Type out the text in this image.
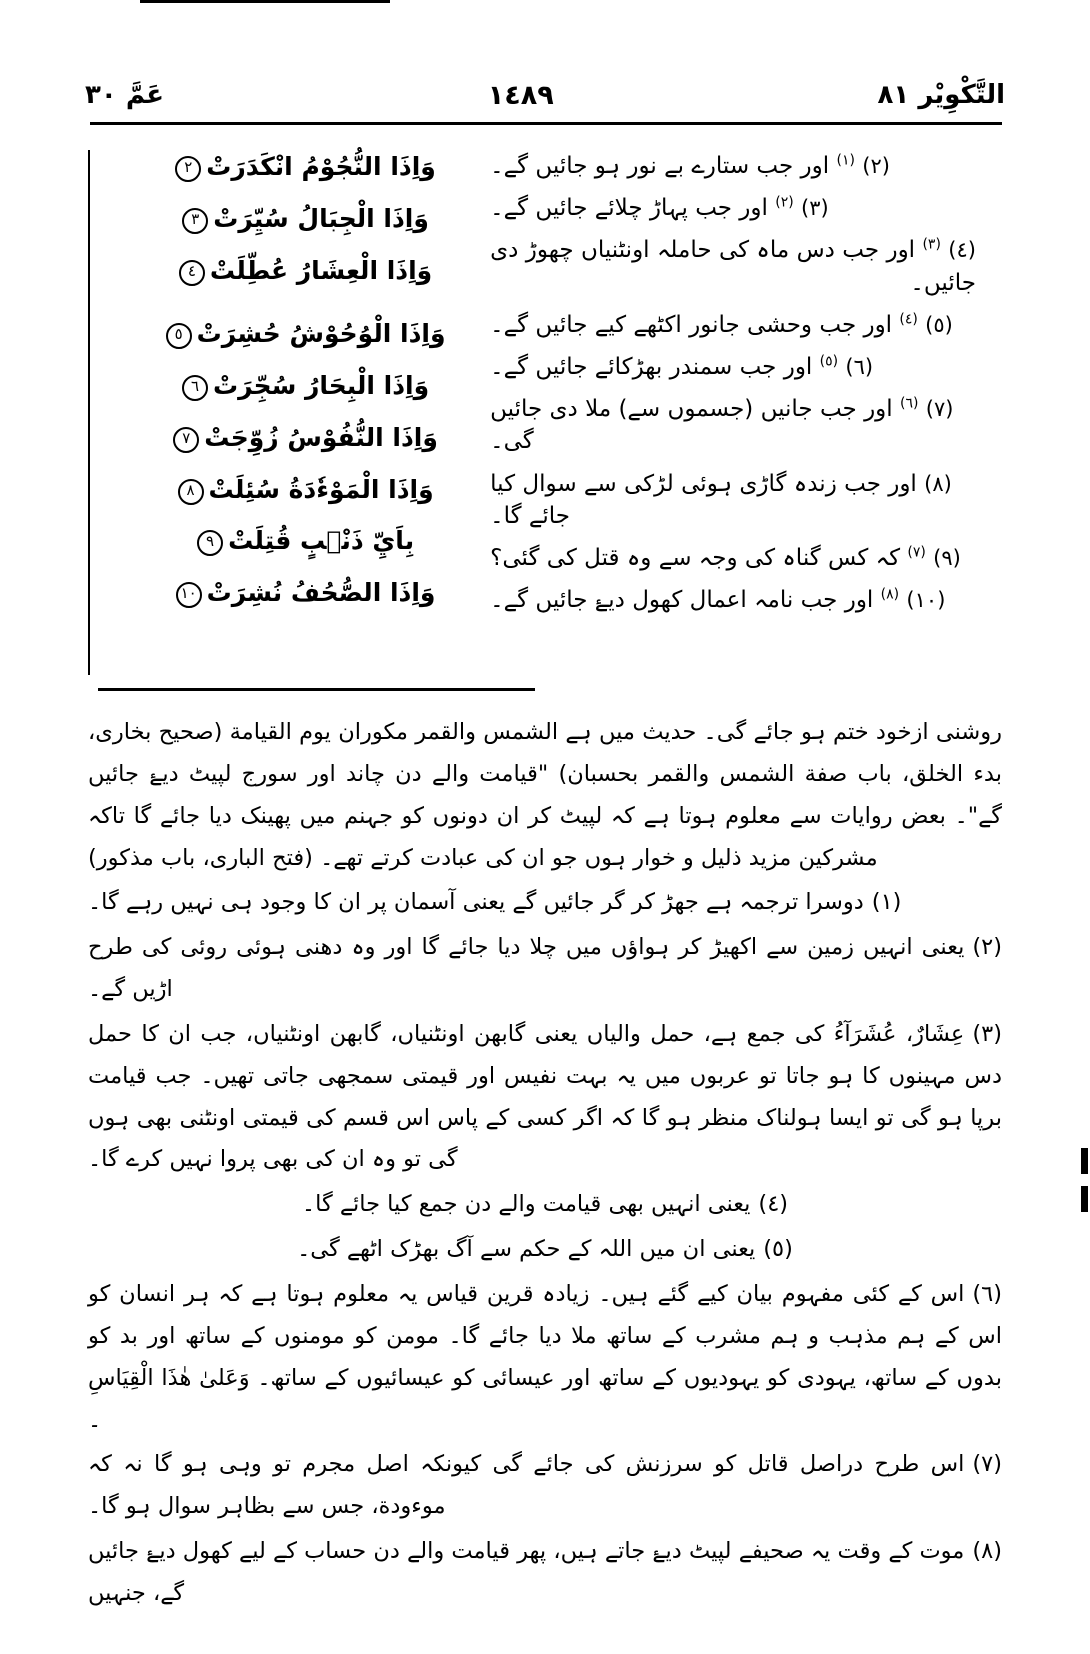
التَّكْوِيْر ٨١
١٤٨٩
عَمَّ ٣٠
وَاِذَا النُّجُوْمُ انْكَدَرَتْ٢
وَاِذَا الْجِبَالُ سُيِّرَتْ٣
وَاِذَا الْعِشَارُ عُطِّلَتْ٤
وَاِذَا الْوُحُوْشُ حُشِرَتْ٥
وَاِذَا الْبِحَارُ سُجِّرَتْ٦
وَاِذَا النُّفُوْسُ زُوِّجَتْ٧
وَاِذَا الْمَوْءٗدَةُ سُئِلَتْ٨
بِاَيِّ ذَنْۢبٍ قُتِلَتْ٩
وَاِذَا الصُّحُفُ نُشِرَتْ١٠
(٢) $^{(١)}$ اور جب ستارے بے نور ہو جائیں گے۔
(٣) $^{(٢)}$ اور جب پہاڑ چلائے جائیں گے۔
(٤) $^{(٣)}$ اور جب دس ماہ کی حاملہ اونٹنیاں چھوڑ دی جائیں۔
(٥) $^{(٤)}$ اور جب وحشی جانور اکٹھے کیے جائیں گے۔
(٦) $^{(٥)}$ اور جب سمندر بھڑکائے جائیں گے۔
(٧) $^{(٦)}$ اور جب جانیں (جسموں سے) ملا دی جائیں گی۔
(٨) اور جب زندہ گاڑی ہوئی لڑکی سے سوال کیا جائے گا۔
(٩) $^{(٧)}$ کہ کس گناہ کی وجہ سے وہ قتل کی گئی؟
(١٠) $^{(٨)}$ اور جب نامہ اعمال کھول دیۓ جائیں گے۔

روشنی ازخود ختم ہو جائے گی۔ حدیث میں ہے الشمس والقمر مکوران یوم القیامة (صحیح بخاری، بدء الخلق، باب صفة الشمس والقمر بحسبان) "قیامت والے دن چاند اور سورج لپیٹ دیۓ جائیں گے"۔ بعض روایات سے معلوم ہوتا ہے کہ لپیٹ کر ان دونوں کو جہنم میں پھینک دیا جائے گا تاکہ مشرکین مزید ذلیل و خوار ہوں جو ان کی عبادت کرتے تھے۔ (فتح الباری، باب مذکور)

(١)دوسرا ترجمہ ہے جھڑ کر گر جائیں گے یعنی آسمان پر ان کا وجود ہی نہیں رہے گا۔

(٢)یعنی انہیں زمین سے اکھیڑ کر ہواؤں میں چلا دیا جائے گا اور وہ دھنی ہوئی روئی کی طرح اڑیں گے۔

(٣)عِشَارٌ، عُشَرَآءُ کی جمع ہے، حمل والیاں یعنی گابھن اونٹنیاں، گابھن اونٹنیاں، جب ان کا حمل دس مہینوں کا ہو جاتا تو عربوں میں یہ بہت نفیس اور قیمتی سمجھی جاتی تھیں۔ جب قیامت برپا ہو گی تو ایسا ہولناک منظر ہو گا کہ اگر کسی کے پاس اس قسم کی قیمتی اونٹنی بھی ہوں گی تو وہ ان کی بھی پروا نہیں کرے گا۔

(٤)یعنی انہیں بھی قیامت والے دن جمع کیا جائے گا۔

(٥)یعنی ان میں اللہ کے حکم سے آگ بھڑک اٹھے گی۔

(٦)اس کے کئی مفہوم بیان کیے گئے ہیں۔ زیادہ قرین قیاس یہ معلوم ہوتا ہے کہ ہر انسان کو اس کے ہم مذہب و ہم مشرب کے ساتھ ملا دیا جائے گا۔ مومن کو مومنوں کے ساتھ اور بد کو بدوں کے ساتھ، یہودی کو یہودیوں کے ساتھ اور عیسائی کو عیسائیوں کے ساتھ۔ وَعَلىٰ هٰذَا الْقِيَاسِ ۔

(٧)اس طرح دراصل قاتل کو سرزنش کی جائے گی کیونکہ اصل مجرم تو وہی ہو گا نہ کہ موءودة، جس سے بظاہر سوال ہو گا۔

(٨)موت کے وقت یہ صحیفے لپیٹ دیۓ جاتے ہیں، پھر قیامت والے دن حساب کے لیے کھول دیۓ جائیں گے، جنہیں
